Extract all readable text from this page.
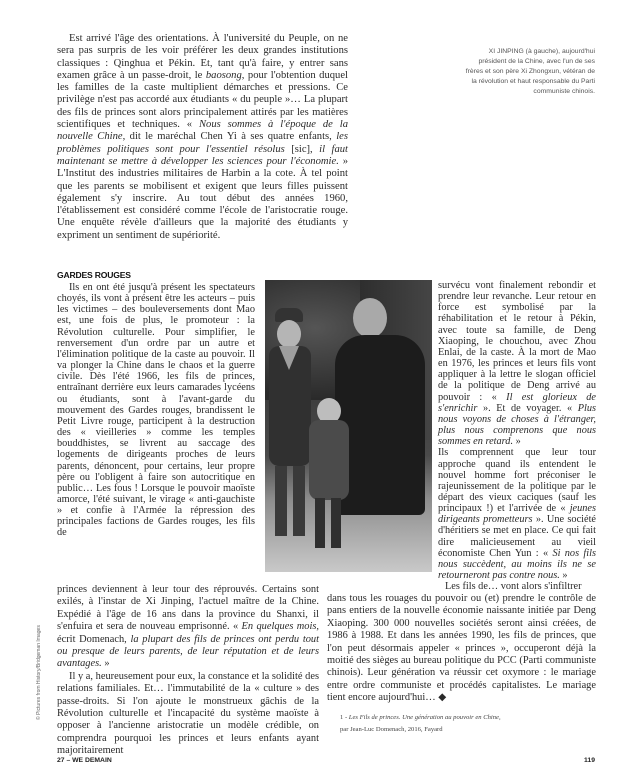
Est arrivé l'âge des orientations. À l'université du Peuple, on ne sera pas surpris de les voir préférer les deux grandes institutions classiques : Qinghua et Pékin. Et, tant qu'à faire, y entrer sans examen grâce à un passe-droit, le baosong, pour l'obtention duquel les familles de la caste multiplient démarches et pressions. Ce privilège n'est pas accordé aux étudiants « du peuple »… La plupart des fils de princes sont alors principalement attirés par les matières scientifiques et techniques. « Nous sommes à l'époque de la nouvelle Chine, dit le maréchal Chen Yi à ses quatre enfants, les problèmes politiques sont pour l'essentiel résolus [sic], il faut maintenant se mettre à développer les sciences pour l'économie. » L'Institut des industries militaires de Harbin a la cote. À tel point que les parents se mobilisent et exigent que leurs filles puissent également s'y inscrire. Au tout début des années 1960, l'établissement est considéré comme l'école de l'aristocratie rouge. Une enquête révèle d'ailleurs que la majorité des étudiants y expriment un sentiment de supériorité.

XI JINPING (à gauche), aujourd'hui président de la Chine, avec l'un de ses frères et son père Xi Zhongxun, vétéran de la révolution et haut responsable du Parti communiste chinois.
GARDES ROUGES

Ils en ont été jusqu'à présent les spectateurs choyés, ils vont à présent être les acteurs – puis les victimes – des bouleversements dont Mao est, une fois de plus, le promoteur : la Révolution culturelle. Pour simplifier, le renversement d'un ordre par un autre et l'élimination politique de la caste au pouvoir. Il va plonger la Chine dans le chaos et la guerre civile. Dès l'été 1966, les fils de princes, entraînant derrière eux leurs camarades lycéens ou étudiants, sont à l'avant-garde du mouvement des Gardes rouges, brandissent le Petit Livre rouge, participent à la destruction des « vieilleries » comme les temples bouddhistes, se livrent au saccage des logements de dirigeants proches de leurs parents, dénoncent, pour certains, leur propre père ou l'obligent à faire son autocritique en public… Les fous ! Lorsque le pouvoir maoïste amorce, l'été suivant, le virage « anti-gauchiste » et confie à l'Armée la répression des principales factions de Gardes rouges, les fils de

© Pictures from History/Bridgeman Images

survécu vont finalement rebondir et prendre leur revanche. Leur retour en force est symbolisé par la réhabilitation et le retour à Pékin, avec toute sa famille, de Deng Xiaoping, le chouchou, avec Zhou Enlai, de la caste. À la mort de Mao en 1976, les princes et leurs fils vont appliquer à la lettre le slogan officiel de la politique de Deng arrivé au pouvoir : « Il est glorieux de s'enrichir ». Et de voyager. « Plus nous voyons de choses à l'étranger, plus nous comprenons que nous sommes en retard. »

Ils comprennent que leur tour approche quand ils entendent le nouvel homme fort préconiser le rajeunissement de la politique par le départ des vieux caciques (sauf les principaux !) et l'arrivée de « jeunes dirigeants prometteurs ». Une société d'héritiers se met en place. Ce qui fait dire malicieusement au vieil économiste Chen Yun : « Si nos fils nous succèdent, au moins ils ne se retourneront pas contre nous. »

Les fils de… vont alors s'infiltrer

princes deviennent à leur tour des réprouvés. Certains sont exilés, à l'instar de Xi Jinping, l'actuel maître de la Chine. Expédié à l'âge de 16 ans dans la province du Shanxi, il s'enfuira et sera de nouveau emprisonné. « En quelques mois, écrit Domenach, la plupart des fils de princes ont perdu tout ou presque de leurs parents, de leur réputation et de leurs avantages. »

Il y a, heureusement pour eux, la constance et la solidité des relations familiales. Et… l'immutabilité de la « culture » des passe-droits. Si l'on ajoute le monstrueux gâchis de la Révolution culturelle et l'incapacité du système maoïste à opposer à l'ancienne aristocratie un modèle crédible, on comprendra pourquoi les princes et leurs enfants ayant majoritairement

dans tous les rouages du pouvoir ou (et) prendre le contrôle de pans entiers de la nouvelle économie naissante initiée par Deng Xiaoping. 300 000 nouvelles sociétés seront ainsi créées, de 1986 à 1988. Et dans les années 1990, les fils de princes, que l'on peut désormais appeler « princes », occuperont déjà la moitié des sièges au bureau politique du PCC (Parti communiste chinois). Leur génération va réussir cet oxymore : le mariage entre ordre communiste et procédés capitalistes. Le mariage tient encore aujourd'hui… ◆

1 - Les Fils de princes. Une génération au pouvoir en Chine,
par Jean-Luc Domenach, 2016, Fayard
27 – WE DEMAIN	119
